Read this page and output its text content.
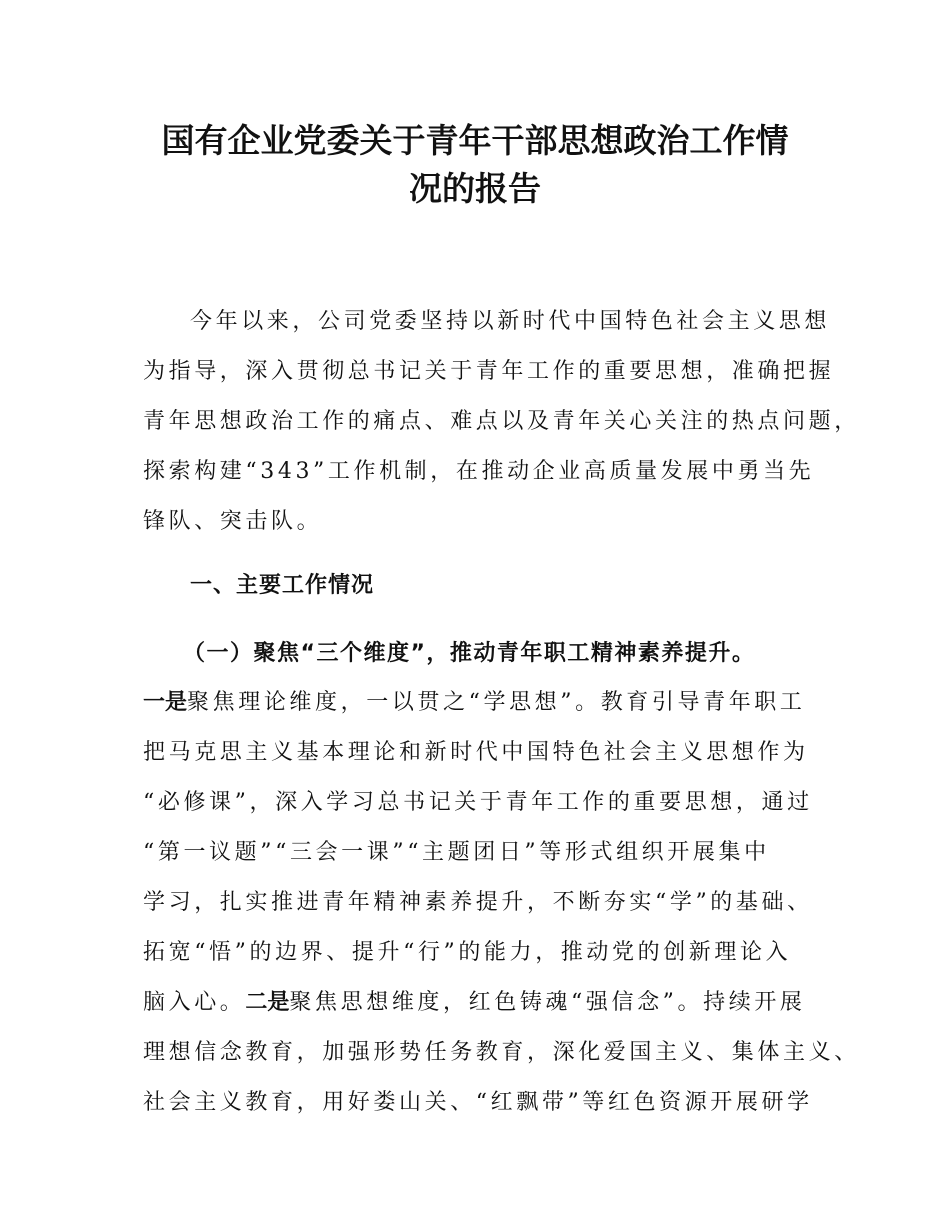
国有企业党委关于青年干部思想政治工作情
况的报告

今年以来，公司党委坚持以新时代中国特色社会主义思想

为指导，深入贯彻总书记关于青年工作的重要思想，准确把握

青年思想政治工作的痛点、难点以及青年关心关注的热点问题，

探索构建“343”工作机制，在推动企业高质量发展中勇当先

锋队、突击队。

一、主要工作情况

（一）聚焦“三个维度”，推动青年职工精神素养提升。

一是聚焦理论维度，一以贯之“学思想”。教育引导青年职工

把马克思主义基本理论和新时代中国特色社会主义思想作为

“必修课”，深入学习总书记关于青年工作的重要思想，通过

“第一议题”“三会一课”“主题团日”等形式组织开展集中

学习，扎实推进青年精神素养提升，不断夯实“学”的基础、

拓宽“悟”的边界、提升“行”的能力，推动党的创新理论入

脑入心。二是聚焦思想维度，红色铸魂“强信念”。持续开展

理想信念教育，加强形势任务教育，深化爱国主义、集体主义、

社会主义教育，用好娄山关、“红飘带”等红色资源开展研学
